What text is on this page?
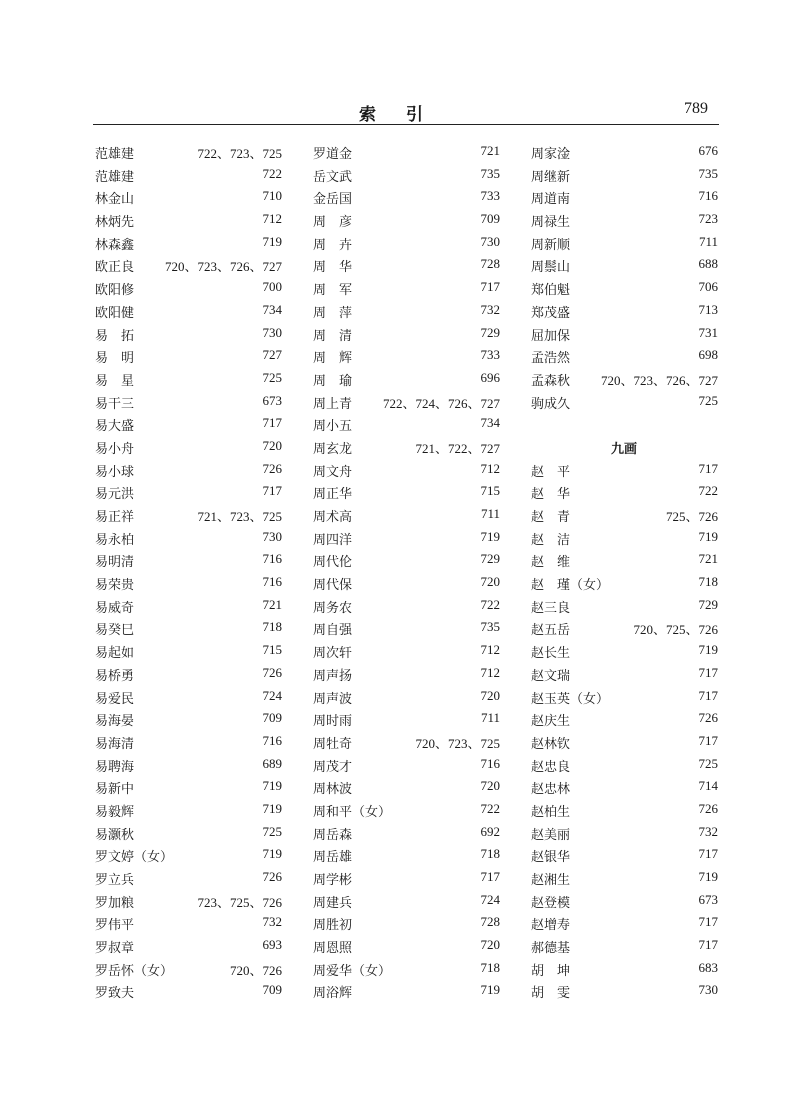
索 引	789
范雄建	722、723、725
范雄建	722
林金山	710
林炳先	712
林森鑫	719
欧正良 720、723、726、727
欧阳修	700
欧阳健	734
易　拓	730
易　明	727
易　星	725
易干三	673
易大盛	717
易小舟	720
易小球	726
易元洪	717
易正祥	721、723、725
易永柏	730
易明清	716
易荣贵	716
易威奇	721
易癸巳	718
易起如	715
易桥勇	726
易爱民	724
易海晏	709
易海清	716
易聘海	689
易新中	719
易毅辉	719
易灏秋	725
罗文婷（女）	719
罗立兵	726
罗加粮	723、725、726
罗伟平	732
罗叔章	693
罗岳怀（女）	720、726
罗致夫	709
罗道金	721
岳文武	735
金岳国	733
周　彦	709
周　卉	730
周　华	728
周　军	717
周　萍	732
周　清	729
周　辉	733
周　瑜	696
周上青 722、724、726、727
周小五	734
周玄龙	721、722、727
周文舟	712
周正华	715
周术高	711
周四洋	719
周代伦	729
周代保	720
周务农	722
周自强	735
周次轩	712
周声扬	712
周声波	720
周时雨	711
周牡奇	720、723、725
周茂才	716
周林波	720
周和平（女）	722
周岳森	692
周岳雄	718
周学彬	717
周建兵	724
周胜初	728
周恩照	720
周爱华（女）	718
周浴辉	719
周家淦	676
周继新	735
周道南	716
周禄生	723
周新顺	711
周鬃山	688
郑伯魁	706
郑茂盛	713
屈加保	731
孟浩然	698
孟森秋 720、723、726、727
驹成久	725
九画
赵　平	717
赵　华	722
赵　青	725、726
赵　洁	719
赵　维	721
赵　瑾（女）	718
赵三良	729
赵五岳	720、725、726
赵长生	719
赵文瑞	717
赵玉英（女）	717
赵庆生	726
赵林钦	717
赵忠良	725
赵忠林	714
赵柏生	726
赵美丽	732
赵银华	717
赵湘生	719
赵登模	673
赵增寿	717
郝德基	717
胡　坤	683
胡　雯	730
